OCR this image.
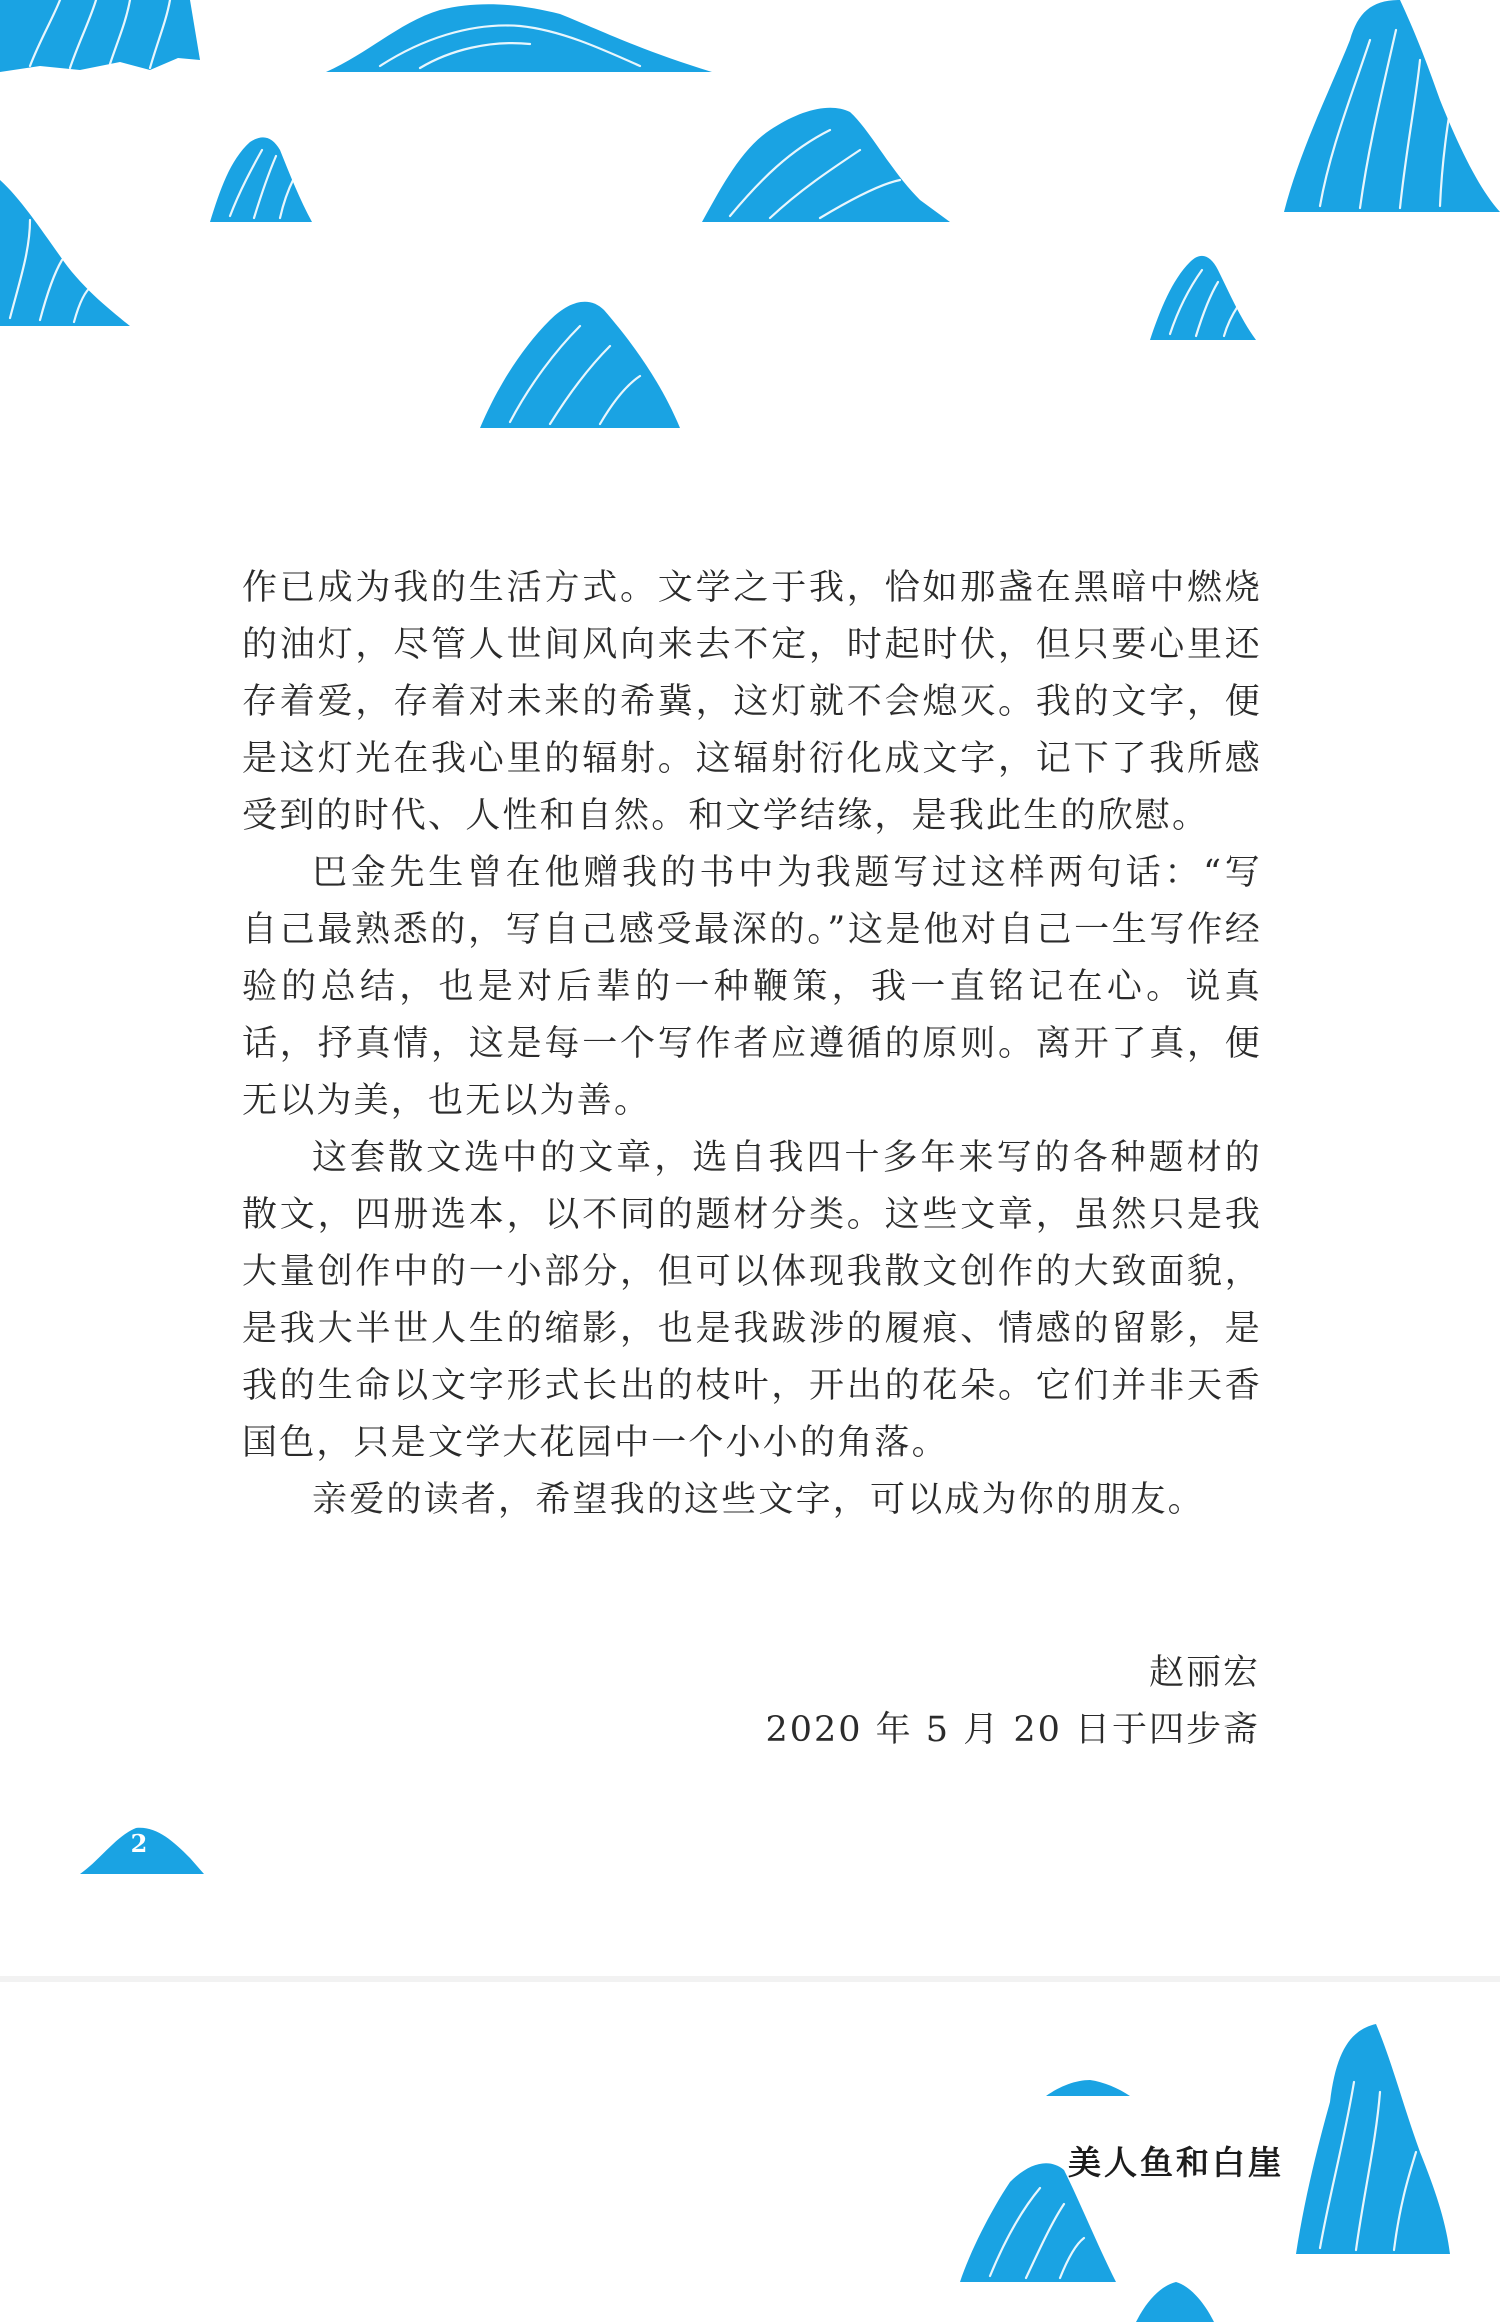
作已成为我的生活方式。文学之于我，恰如那盏在黑暗中燃烧的油灯，尽管人世间风向来去不定，时起时伏，但只要心里还存着爱，存着对未来的希冀，这灯就不会熄灭。我的文字，便是这灯光在我心里的辐射。这辐射衍化成文字，记下了我所感受到的时代、人性和自然。和文学结缘，是我此生的欣慰。

巴金先生曾在他赠我的书中为我题写过这样两句话：“写自己最熟悉的，写自己感受最深的。”这是他对自己一生写作经验的总结，也是对后辈的一种鞭策，我一直铭记在心。说真话，抒真情，这是每一个写作者应遵循的原则。离开了真，便无以为美，也无以为善。

这套散文选中的文章，选自我四十多年来写的各种题材的散文，四册选本，以不同的题材分类。这些文章，虽然只是我大量创作中的一小部分，但可以体现我散文创作的大致面貌，是我大半世人生的缩影，也是我跋涉的履痕、情感的留影，是我的生命以文字形式长出的枝叶，开出的花朵。它们并非天香国色，只是文学大花园中一个小小的角落。

亲爱的读者，希望我的这些文字，可以成为你的朋友。

赵丽宏
2020 年 5 月 20 日于四步斋
2
美人鱼和白崖
